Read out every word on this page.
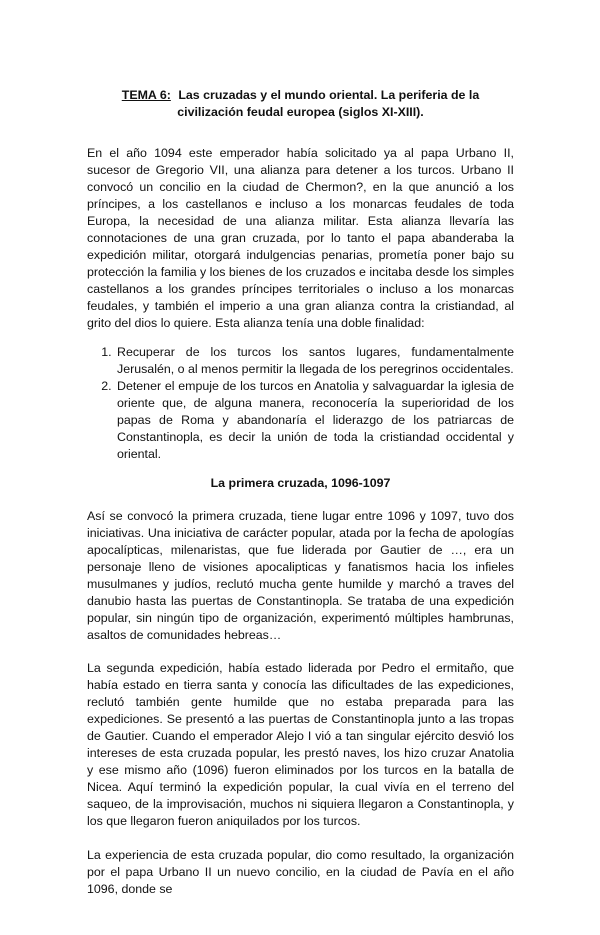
TEMA 6: Las cruzadas y el mundo oriental. La periferia de la civilización feudal europea (siglos XI-XIII).

En el año 1094 este emperador había solicitado ya al papa Urbano II, sucesor de Gregorio VII, una alianza para detener a los turcos. Urbano II convocó un concilio en la ciudad de Chermon?, en la que anunció a los príncipes, a los castellanos e incluso a los monarcas feudales de toda Europa, la necesidad de una alianza militar. Esta alianza llevaría las connotaciones de una gran cruzada, por lo tanto el papa abanderaba la expedición militar, otorgará indulgencias penarias, prometía poner bajo su protección la familia y los bienes de los cruzados e incitaba desde los simples castellanos a los grandes príncipes territoriales o incluso a los monarcas feudales, y también el imperio a una gran alianza contra la cristiandad, al grito del dios lo quiere. Esta alianza tenía una doble finalidad:

1. Recuperar de los turcos los santos lugares, fundamentalmente Jerusalén, o al menos permitir la llegada de los peregrinos occidentales.
2. Detener el empuje de los turcos en Anatolia y salvaguardar la iglesia de oriente que, de alguna manera, reconocería la superioridad de los papas de Roma y abandonaría el liderazgo de los patriarcas de Constantinopla, es decir la unión de toda la cristiandad occidental y oriental.
La primera cruzada, 1096-1097

Así se convocó la primera cruzada, tiene lugar entre 1096 y 1097, tuvo dos iniciativas. Una iniciativa de carácter popular, atada por la fecha de apologías apocalípticas, milenaristas, que fue liderada por Gautier de …, era un personaje lleno de visiones apocalipticas y fanatismos hacia los infieles musulmanes y judíos, reclutó mucha gente humilde y marchó a traves del danubio hasta las puertas de Constantinopla. Se trataba de una expedición popular, sin ningún tipo de organización, experimentó múltiples hambrunas, asaltos de comunidades hebreas…

La segunda expedición, había estado liderada por Pedro el ermitaño, que había estado en tierra santa y conocía las dificultades de las expediciones, reclutó también gente humilde que no estaba preparada para las expediciones. Se presentó a las puertas de Constantinopla junto a las tropas de Gautier. Cuando el emperador Alejo I vió a tan singular ejército desvió los intereses de esta cruzada popular, les prestó naves, los hizo cruzar Anatolia y ese mismo año (1096) fueron eliminados por los turcos en la batalla de Nicea. Aquí terminó la expedición popular, la cual vivía en el terreno del saqueo, de la improvisación, muchos ni siquiera llegaron a Constantinopla, y los que llegaron fueron aniquilados por los turcos.

La experiencia de esta cruzada popular, dio como resultado, la organización por el papa Urbano II un nuevo concilio, en la ciudad de Pavía en el año 1096, donde se
